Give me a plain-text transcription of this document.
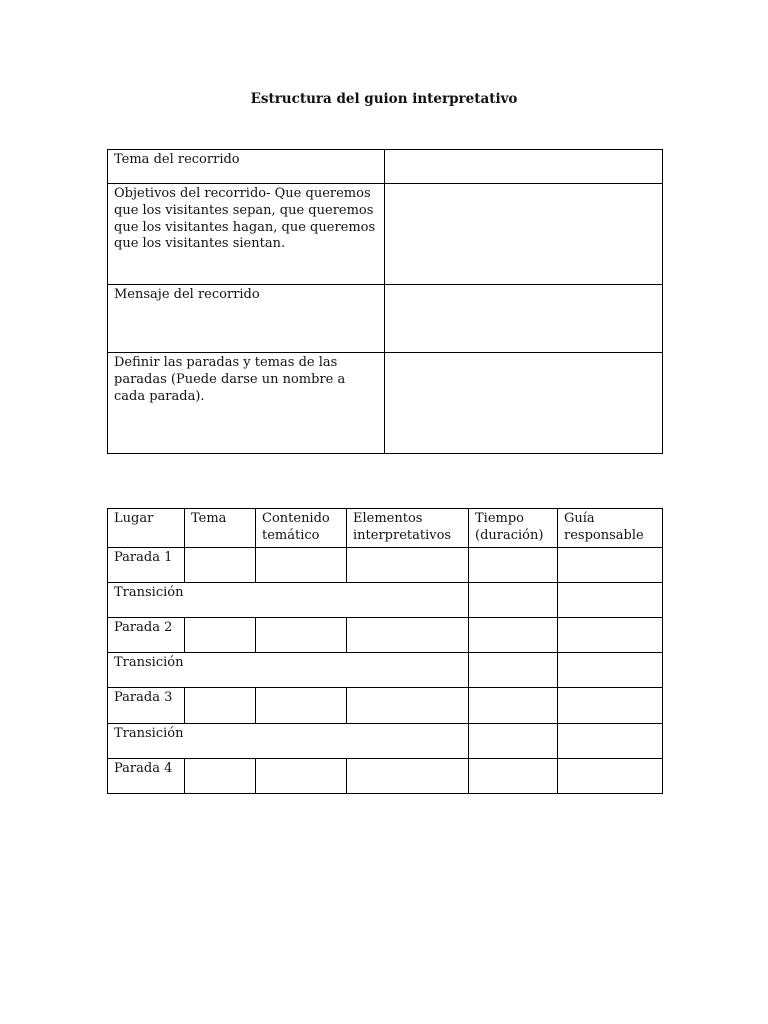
Estructura del guion interpretativo
Tema del recorrido	
Objetivos del recorrido- Que queremos que los visitantes sepan, que queremos que los visitantes hagan, que queremos que los visitantes sientan.	
Mensaje del recorrido	
Definir las paradas y temas de las paradas (Puede darse un nombre a cada parada).	
Lugar	Tema	Contenido temático	Elementos interpretativos	Tiempo (duración)	Guía responsable
Parada 1					
Transición					
Parada 2					
Transición					
Parada 3					
Transición					
Parada 4					
